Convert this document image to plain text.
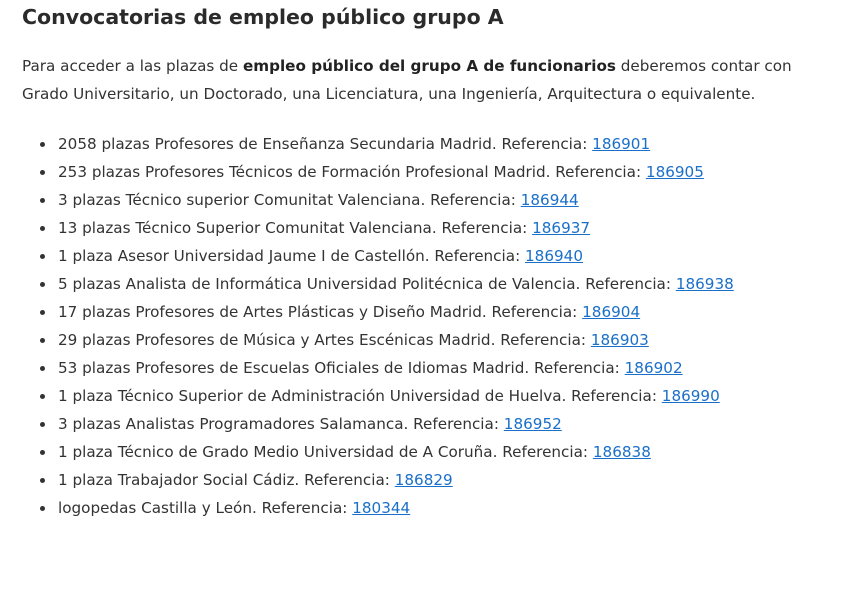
Convocatorias de empleo público grupo A

Para acceder a las plazas de empleo público del grupo A de funcionarios deberemos contar con Grado Universitario, un Doctorado, una Licenciatura, una Ingeniería, Arquitectura o equivalente.

2058 plazas Profesores de Enseñanza Secundaria Madrid. Referencia: 186901
253 plazas Profesores Técnicos de Formación Profesional Madrid. Referencia: 186905
3 plazas Técnico superior Comunitat Valenciana. Referencia: 186944
13 plazas Técnico Superior Comunitat Valenciana. Referencia: 186937
1 plaza Asesor Universidad Jaume I de Castellón. Referencia: 186940
5 plazas Analista de Informática Universidad Politécnica de Valencia. Referencia: 186938
17 plazas Profesores de Artes Plásticas y Diseño Madrid. Referencia: 186904
29 plazas Profesores de Música y Artes Escénicas Madrid. Referencia: 186903
53 plazas Profesores de Escuelas Oficiales de Idiomas Madrid. Referencia: 186902
1 plaza Técnico Superior de Administración Universidad de Huelva. Referencia: 186990
3 plazas Analistas Programadores Salamanca. Referencia: 186952
1 plaza Técnico de Grado Medio Universidad de A Coruña. Referencia: 186838
1 plaza Trabajador Social Cádiz. Referencia: 186829
logopedas Castilla y León. Referencia: 180344
